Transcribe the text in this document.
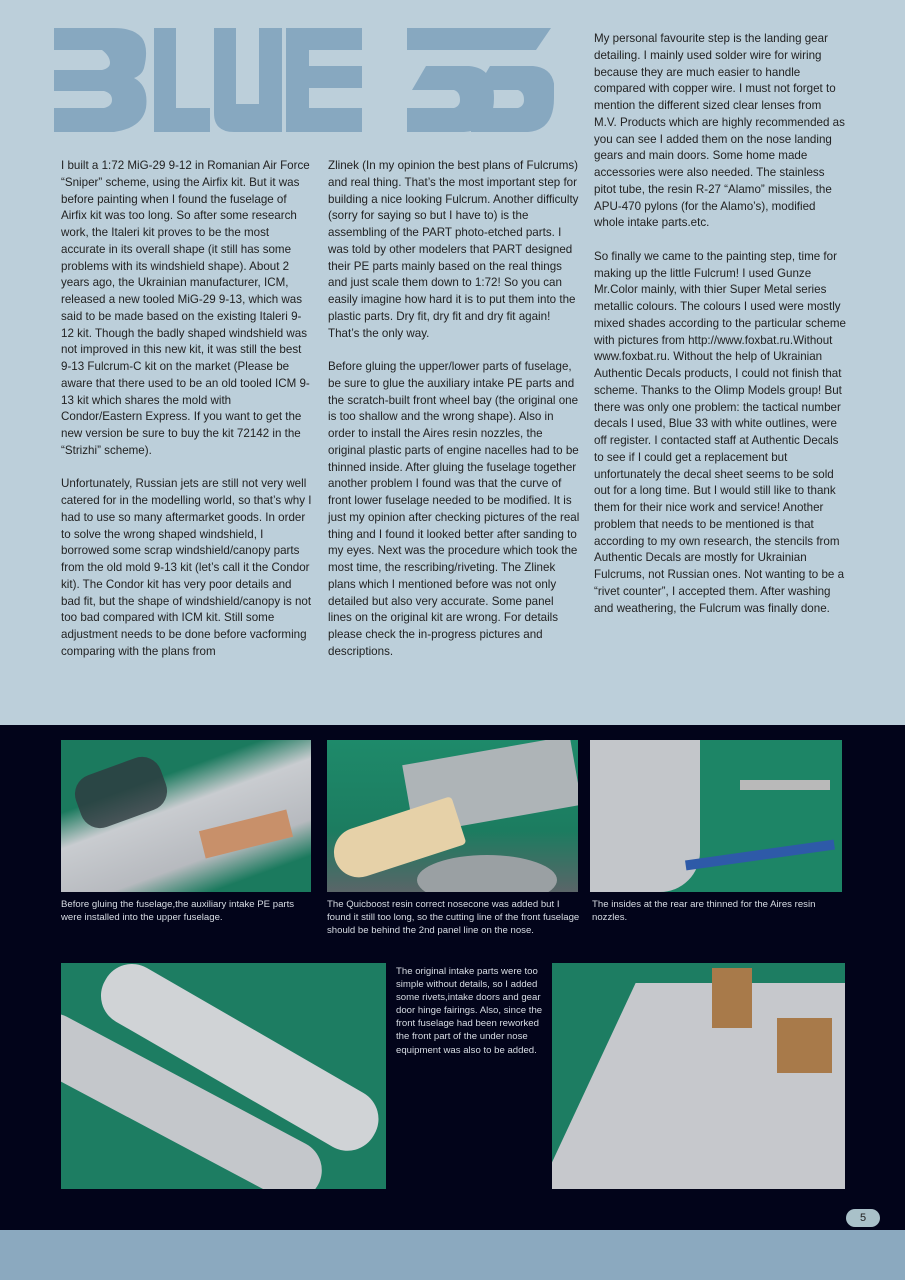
I built a 1:72 MiG-29 9-12 in Romanian Air Force “Sniper” scheme, using the Airfix kit. But it was before painting when I found the fuselage of Airfix kit was too long. So after some research work, the Italeri kit proves to be the most accurate in its overall shape (it still has some problems with its windshield shape). About 2 years ago, the Ukrainian manufacturer, ICM, released a new tooled MiG-29 9-13, which was said to be made based on the existing Italeri 9-12 kit. Though the badly shaped windshield was not improved in this new kit, it was still the best 9-13 Fulcrum-C kit on the market (Please be aware that there used to be an old tooled ICM 9-13 kit which shares the mold with Condor/Eastern Express. If you want to get the new version be sure to buy the kit 72142 in the “Strizhi” scheme).

Unfortunately, Russian jets are still not very well catered for in the modelling world, so that’s why I had to use so many aftermarket goods. In order to solve the wrong shaped windshield, I borrowed some scrap windshield/canopy parts from the old mold 9-13 kit (let’s call it the Condor kit). The Condor kit has very poor details and bad fit, but the shape of windshield/canopy is not too bad compared with ICM kit. Still some adjustment needs to be done before vacforming comparing with the plans from

Zlinek (In my opinion the best plans of Fulcrums) and real thing. That’s the most important step for building a nice looking Fulcrum. Another difficulty (sorry for saying so but I have to) is the assembling of the PART photo-etched parts. I was told by other modelers that PART designed their PE parts mainly based on the real things and just scale them down to 1:72! So you can easily imagine how hard it is to put them into the plastic parts. Dry fit, dry fit and dry fit again! That’s the only way.

Before gluing the upper/lower parts of fuselage, be sure to glue the auxiliary intake PE parts and the scratch-built front wheel bay (the original one is too shallow and the wrong shape). Also in order to install the Aires resin nozzles, the original plastic parts of engine nacelles had to be thinned inside. After gluing the fuselage together another problem I found was that the curve of front lower fuselage needed to be modified. It is just my opinion after checking pictures of the real thing and I found it looked better after sanding to my eyes. Next was the procedure which took the most time, the rescribing/riveting. The Zlinek plans which I mentioned before was not only detailed but also very accurate. Some panel lines on the original kit are wrong. For details please check the in-progress pictures and descriptions.

My personal favourite step is the landing gear detailing. I mainly used solder wire for wiring because they are much easier to handle compared with copper wire. I must not forget to mention the different sized clear lenses from M.V. Products which are highly recommended as you can see I added them on the nose landing gears and main doors. Some home made accessories were also needed. The stainless pitot tube, the resin R-27 “Alamo” missiles, the APU-470 pylons (for the Alamo’s), modified whole intake parts.etc.

So finally we came to the painting step, time for making up the little Fulcrum! I used Gunze Mr.Color mainly, with thier Super Metal series metallic colours. The colours I used were mostly mixed shades according to the particular scheme with pictures from http://www.foxbat.ru.Without www.foxbat.ru. Without the help of Ukrainian Authentic Decals products, I could not finish that scheme. Thanks to the Olimp Models group! But there was only one problem: the tactical number decals I used, Blue 33 with white outlines, were off register. I contacted staff at Authentic Decals to see if I could get a replacement but unfortunately the decal sheet seems to be sold out for a long time. But I would still like to thank them for their nice work and service! Another problem that needs to be mentioned is that according to my own research, the stencils from Authentic Decals are mostly for Ukrainian Fulcrums, not Russian ones. Not wanting to be a “rivet counter”, I accepted them. After washing and weathering, the Fulcrum was finally done.

Before gluing the fuselage,the auxiliary intake PE parts were installed into the upper fuselage.
The Quicboost resin correct nosecone was added but I found it still too long, so the cutting line of the front fuselage should be behind the 2nd panel line on the nose.
The insides at the rear are thinned for the Aires resin nozzles.
The original intake parts were too simple without details, so I added some rivets,intake doors and gear door hinge fairings. Also, since the front fuselage had been reworked the front part of the under nose equipment was also to be added.
5
